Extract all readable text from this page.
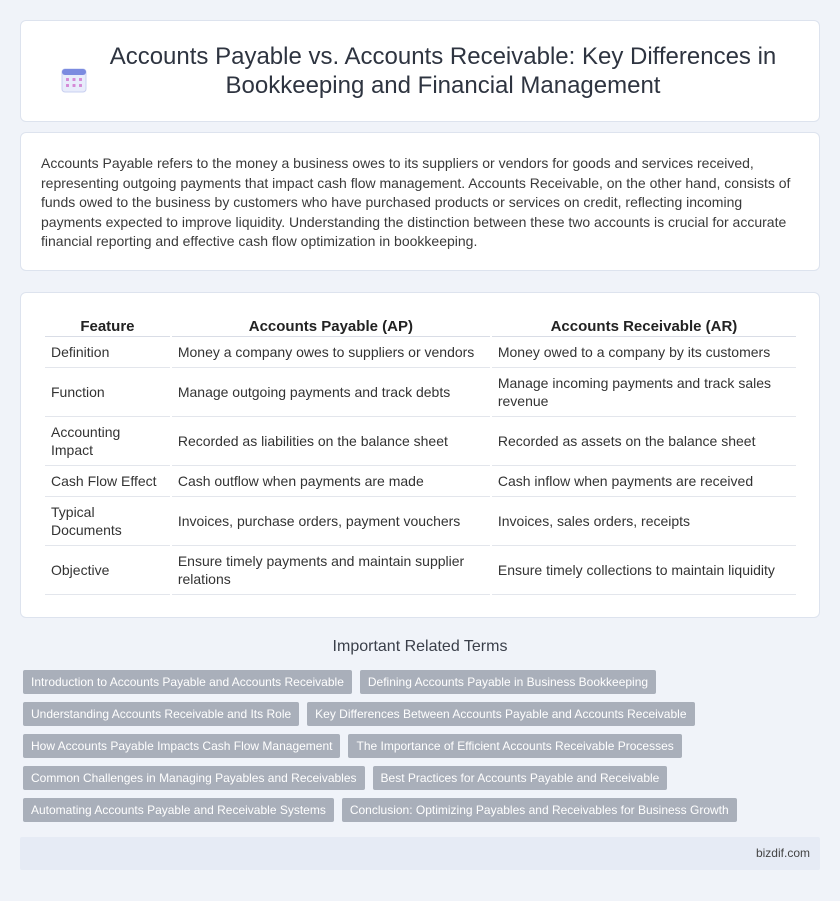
Accounts Payable vs. Accounts Receivable: Key Differences in Bookkeeping and Financial Management

Accounts Payable refers to the money a business owes to its suppliers or vendors for goods and services received, representing outgoing payments that impact cash flow management. Accounts Receivable, on the other hand, consists of funds owed to the business by customers who have purchased products or services on credit, reflecting incoming payments expected to improve liquidity. Understanding the distinction between these two accounts is crucial for accurate financial reporting and effective cash flow optimization in bookkeeping.

Feature	Accounts Payable (AP)	Accounts Receivable (AR)
Definition	Money a company owes to suppliers or vendors	Money owed to a company by its customers
Function	Manage outgoing payments and track debts	Manage incoming payments and track sales revenue
Accounting Impact	Recorded as liabilities on the balance sheet	Recorded as assets on the balance sheet
Cash Flow Effect	Cash outflow when payments are made	Cash inflow when payments are received
Typical Documents	Invoices, purchase orders, payment vouchers	Invoices, sales orders, receipts
Objective	Ensure timely payments and maintain supplier relations	Ensure timely collections to maintain liquidity
Important Related Terms
Introduction to Accounts Payable and Accounts Receivable	Defining Accounts Payable in Business Bookkeeping
Understanding Accounts Receivable and Its Role	Key Differences Between Accounts Payable and Accounts Receivable
How Accounts Payable Impacts Cash Flow Management	The Importance of Efficient Accounts Receivable Processes
Common Challenges in Managing Payables and Receivables	Best Practices for Accounts Payable and Receivable
Automating Accounts Payable and Receivable Systems	Conclusion: Optimizing Payables and Receivables for Business Growth
bizdif.com
